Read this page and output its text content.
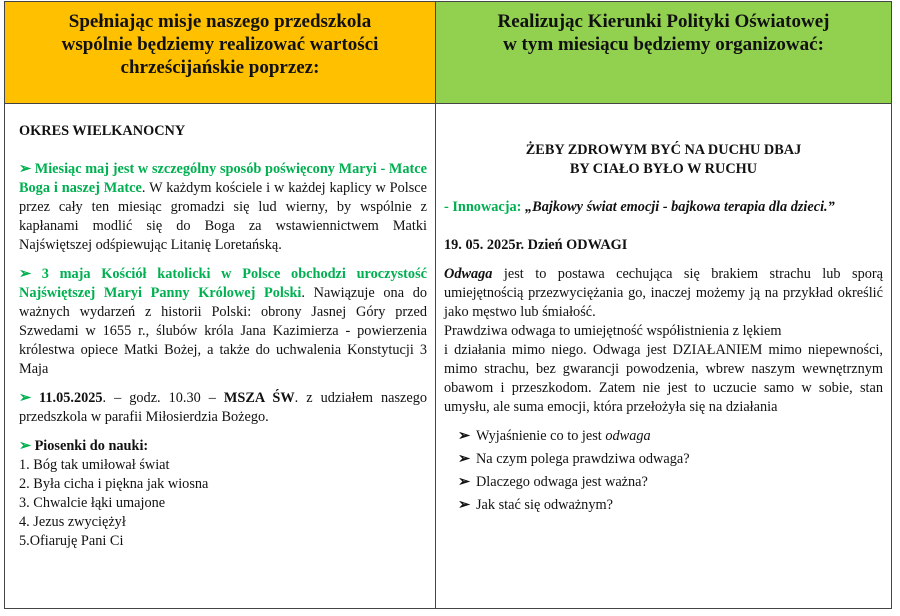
Spełniając misje naszego przedszkola
wspólnie będziemy realizować wartości
chrześcijańskie poprzez:
Realizując Kierunki Polityki Oświatowej
w tym miesiącu będziemy organizować:

OKRES WIELKANOCNY

➢ Miesiąc maj jest w szczególny sposób poświęcony Maryi - Matce Boga i naszej Matce. W każdym kościele i w każdej kaplicy w Polsce przez cały ten miesiąc gromadzi się lud wierny, by wspólnie z kapłanami modlić się do Boga za wstawiennictwem Matki Najświętszej odśpiewując Litanię Loretańską.

➢ 3 maja Kościół katolicki w Polsce obchodzi uroczystość Najświętszej Maryi Panny Królowej Polski. Nawiązuje ona do ważnych wydarzeń z historii Polski: obrony Jasnej Góry przed Szwedami w 1655 r., ślubów króla Jana Kazimierza - powierzenia królestwa opiece Matki Bożej, a także do uchwalenia Konstytucji 3 Maja

➢ 11.05.2025. – godz. 10.30 – MSZA ŚW. z udziałem naszego przedszkola w parafii Miłosierdzia Bożego.

➢ Piosenki do nauki:

1. Bóg tak umiłował świat
2. Była cicha i piękna jak wiosna
3. Chwalcie łąki umajone
4. Jezus zwyciężył
5.Ofiaruję Pani Ci

ŻEBY ZDROWYM BYĆ NA DUCHU DBAJ

BY CIAŁO BYŁO W RUCHU

- Innowacja: „Bajkowy świat emocji - bajkowa terapia dla dzieci.”

19. 05. 2025r. Dzień ODWAGI

Odwaga jest to postawa cechująca się brakiem strachu lub sporą umiejętnością przezwyciężania go, inaczej możemy ją na przykład określić jako męstwo lub śmiałość.

Prawdziwa odwaga to umiejętność współistnienia z lękiem

i działania mimo niego. Odwaga jest DZIAŁANIEM mimo niepewności, mimo strachu, bez gwarancji powodzenia, wbrew naszym wewnętrznym obawom i przeszkodom. Zatem nie jest to uczucie samo w sobie, stan umysłu, ale suma emocji, która przełożyła się na działania

➢ Wyjaśnienie co to jest odwaga
➢ Na czym polega prawdziwa odwaga?
➢ Dlaczego odwaga jest ważna?
➢ Jak stać się odważnym?
